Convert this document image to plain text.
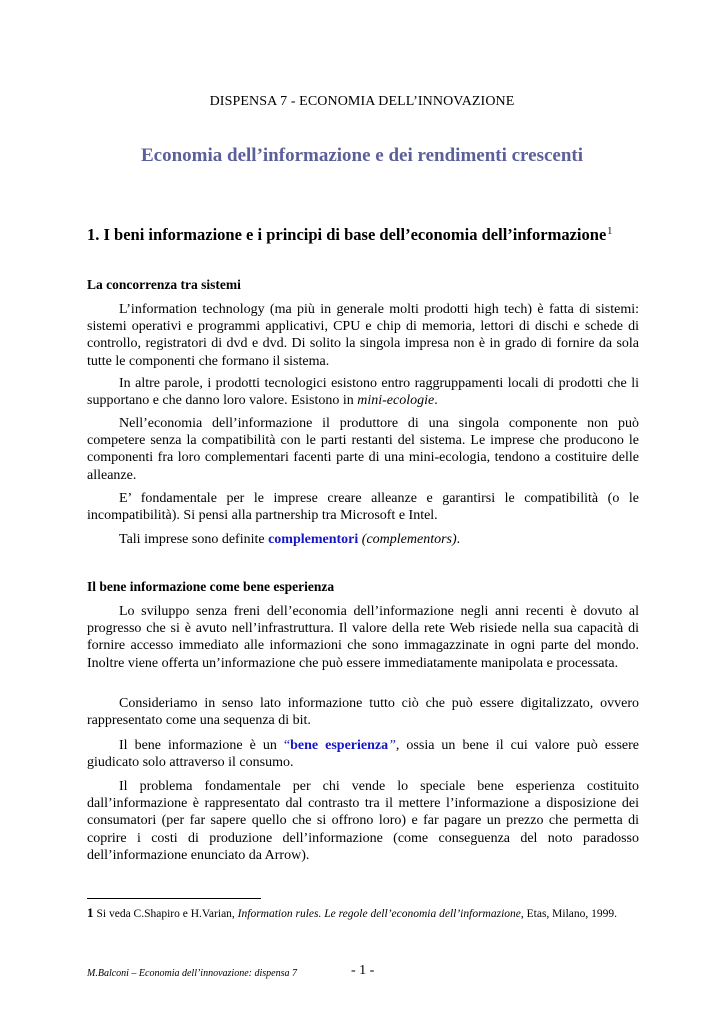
DISPENSA 7 - ECONOMIA DELL’INNOVAZIONE
Economia dell’informazione e dei rendimenti crescenti
1. I beni informazione e i principi di base dell’economia dell’informazione$^1$
La concorrenza tra sistemi

L’information technology (ma più in generale molti prodotti high tech) è fatta di sistemi: sistemi operativi e programmi applicativi, CPU e chip di memoria, lettori di dischi e schede di controllo, registratori di dvd e dvd. Di solito la singola impresa non è in grado di fornire da sola tutte le componenti che formano il sistema.

In altre parole, i prodotti tecnologici esistono entro raggruppamenti locali di prodotti che li supportano e che danno loro valore. Esistono in mini-ecologie.

Nell’economia dell’informazione il produttore di una singola componente non può competere senza la compatibilità con le parti restanti del sistema. Le imprese che producono le componenti fra loro complementari facenti parte di una mini-ecologia, tendono a costituire delle alleanze.

E’ fondamentale per le imprese creare alleanze e garantirsi le compatibilità (o le incompatibilità). Si pensi alla partnership tra Microsoft e Intel.

Tali imprese sono definite complementori (complementors).

Il bene informazione come bene esperienza

Lo sviluppo senza freni dell’economia dell’informazione negli anni recenti è dovuto al progresso che si è avuto nell’infrastruttura. Il valore della rete Web risiede nella sua capacità di fornire accesso immediato alle informazioni che sono immagazzinate in ogni parte del mondo. Inoltre viene offerta un’informazione che può essere immediatamente manipolata e processata.

Consideriamo in senso lato informazione tutto ciò che può essere digitalizzato, ovvero rappresentato come una sequenza di bit.

Il bene informazione è un “bene esperienza”, ossia un bene il cui valore può essere giudicato solo attraverso il consumo.

Il problema fondamentale per chi vende lo speciale bene esperienza costituito dall’informazione è rappresentato dal contrasto tra il mettere l’informazione a disposizione dei consumatori (per far sapere quello che si offrono loro) e far pagare un prezzo che permetta di coprire i costi di produzione dell’informazione (come conseguenza del noto paradosso dell’informazione enunciato da Arrow).

1 Si veda C.Shapiro e H.Varian, Information rules. Le regole dell’economia dell’informazione, Etas, Milano, 1999.

M.Balconi – Economia dell’innovazione: dispensa 7	- 1 -
